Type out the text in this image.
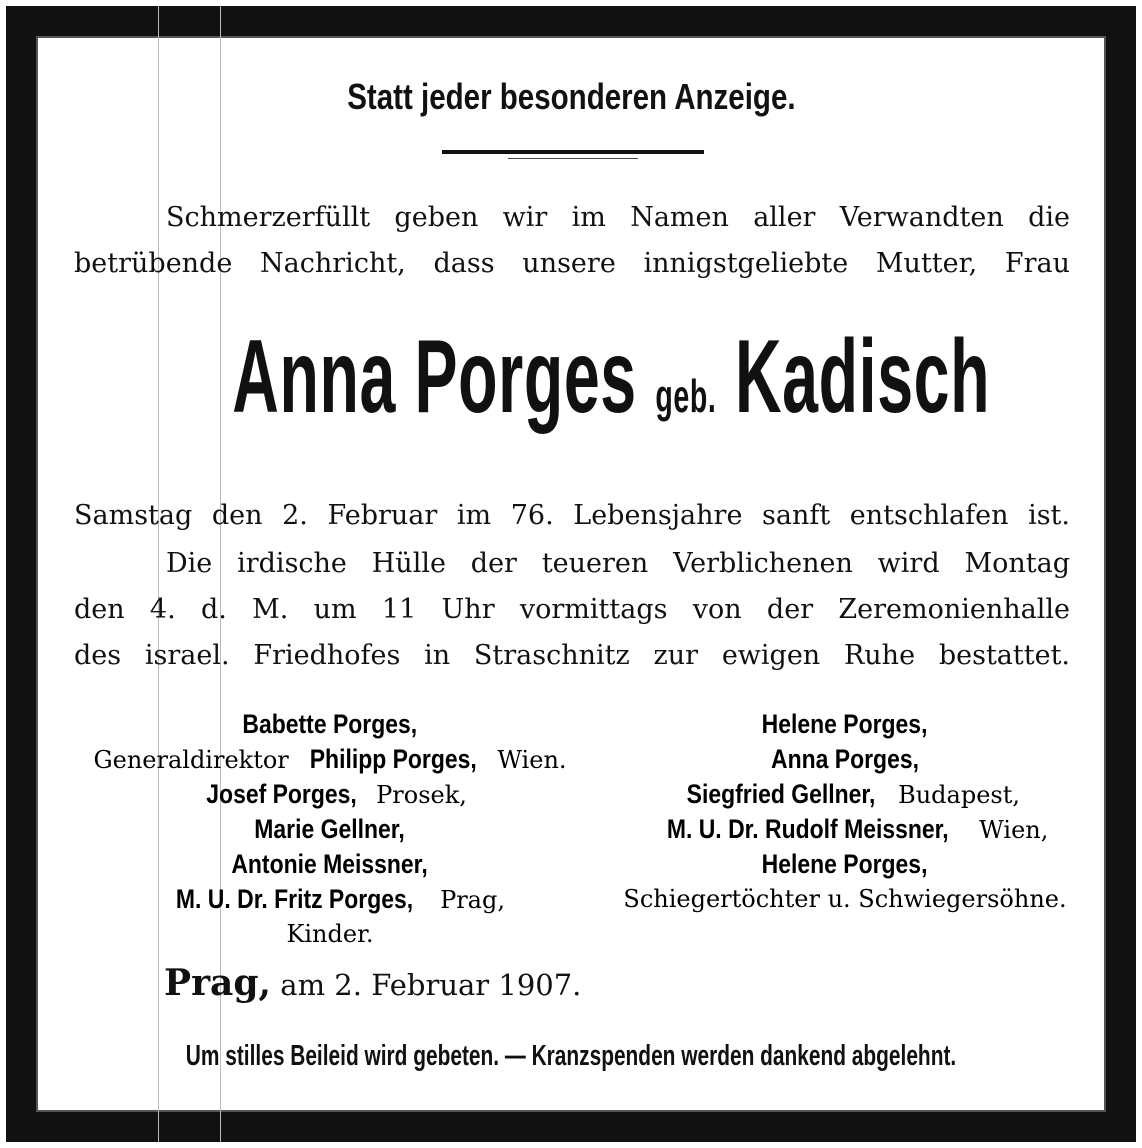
Statt jeder besonderen Anzeige.
Schmerzerfüllt geben wir im Namen aller Verwandten die
betrübende Nachricht, dass unsere innigstgeliebte Mutter, Frau
Anna Porges geb. Kadisch
Samstag den 2. Februar im 76. Lebensjahre sanft entschlafen ist.
Die irdische Hülle der teueren Verblichenen wird Montag
den 4. d. M. um 11 Uhr vormittags von der Zeremonienhalle
des israel. Friedhofes in Straschnitz zur ewigen Ruhe bestattet.
Babette Porges,
Generaldirektor Philipp Porges, Wien.
Josef Porges, Prosek,
Marie Gellner,
Antonie Meissner,
M. U. Dr. Fritz Porges, Prag,
Kinder.
Helene Porges,
Anna Porges,
Siegfried Gellner, Budapest,
M. U. Dr. Rudolf Meissner, Wien,
Helene Porges,
Schiegertöchter u. Schwiegersöhne.
Prag, am 2. Februar 1907.
Um stilles Beileid wird gebeten. — Kranzspenden werden dankend abgelehnt.
